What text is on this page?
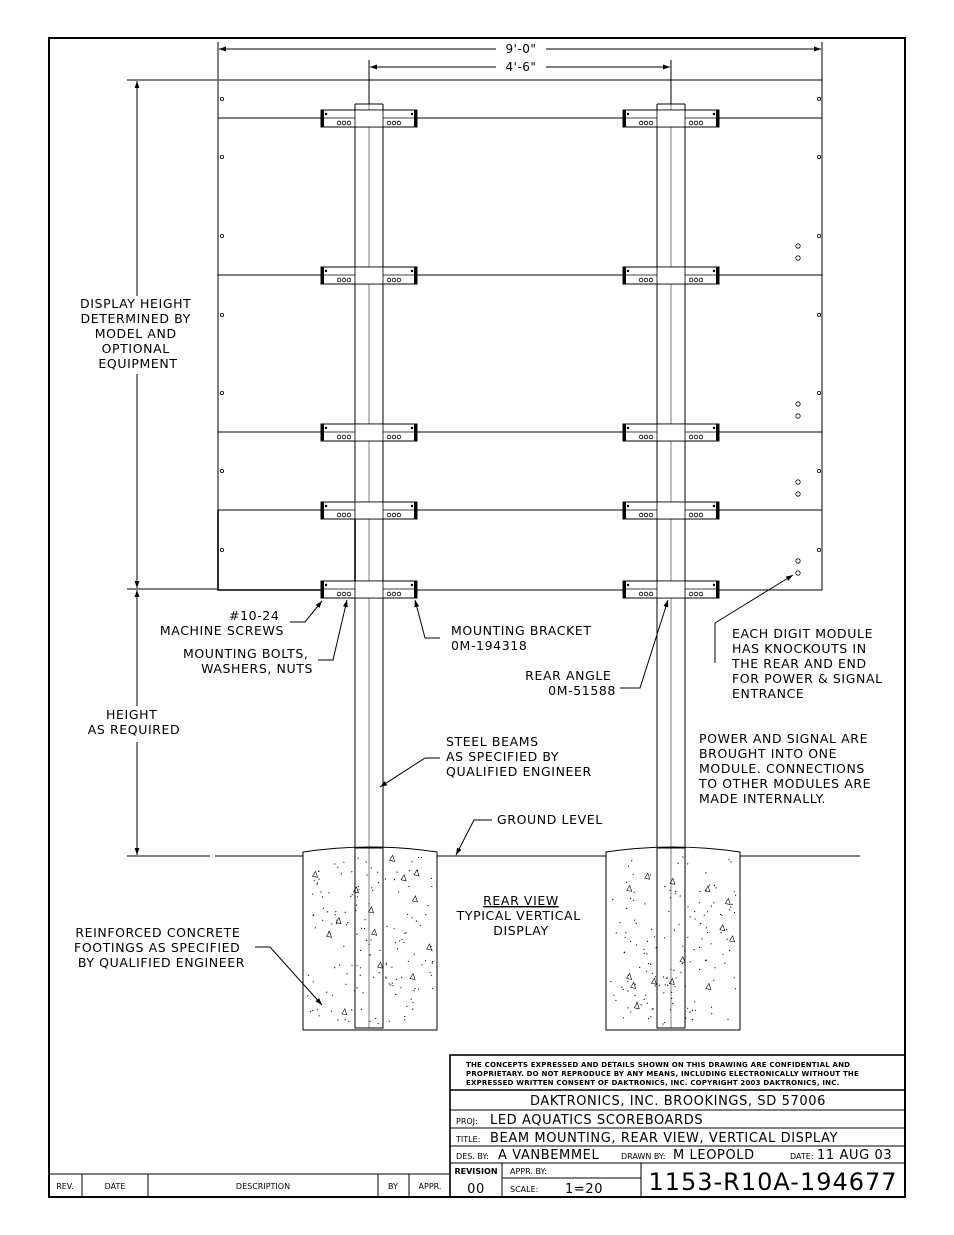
9'-0"
4'-6"
DISPLAY HEIGHT DETERMINED BY MODEL AND OPTIONAL EQUIPMENT
HEIGHT AS REQUIRED
#10-24 MACHINE SCREWS
MOUNTING BOLTS, WASHERS, NUTS
MOUNTING BRACKET 0M-194318
REAR ANGLE 0M-51588
EACH DIGIT MODULE HAS KNOCKOUTS IN THE REAR AND END FOR POWER & SIGNAL ENTRANCE
STEEL BEAMS AS SPECIFIED BY QUALIFIED ENGINEER
POWER AND SIGNAL ARE BROUGHT INTO ONE MODULE. CONNECTIONS TO OTHER MODULES ARE MADE INTERNALLY.
GROUND LEVEL
REAR VIEW
TYPICAL VERTICAL DISPLAY
REINFORCED CONCRETE FOOTINGS AS SPECIFIED BY QUALIFIED ENGINEER
REV.	DATE	DESCRIPTION	BY	APPR.
THE CONCEPTS EXPRESSED AND DETAILS SHOWN ON THIS DRAWING ARE CONFIDENTIAL AND PROPRIETARY. DO NOT REPRODUCE BY ANY MEANS, INCLUDING ELECTRONICALLY WITHOUT THE EXPRESSED WRITTEN CONSENT OF DAKTRONICS, INC. COPYRIGHT 2003 DAKTRONICS, INC.
DAKTRONICS, INC. BROOKINGS, SD 57006
PROJ: LED AQUATICS SCOREBOARDS
TITLE: BEAM MOUNTING, REAR VIEW, VERTICAL DISPLAY
DES. BY: A VANBEMMEL	DRAWN BY: M LEOPOLD	DATE: 11 AUG 03
REVISION
00
APPR. BY:
SCALE: 1=20 1153-R10A-194677
